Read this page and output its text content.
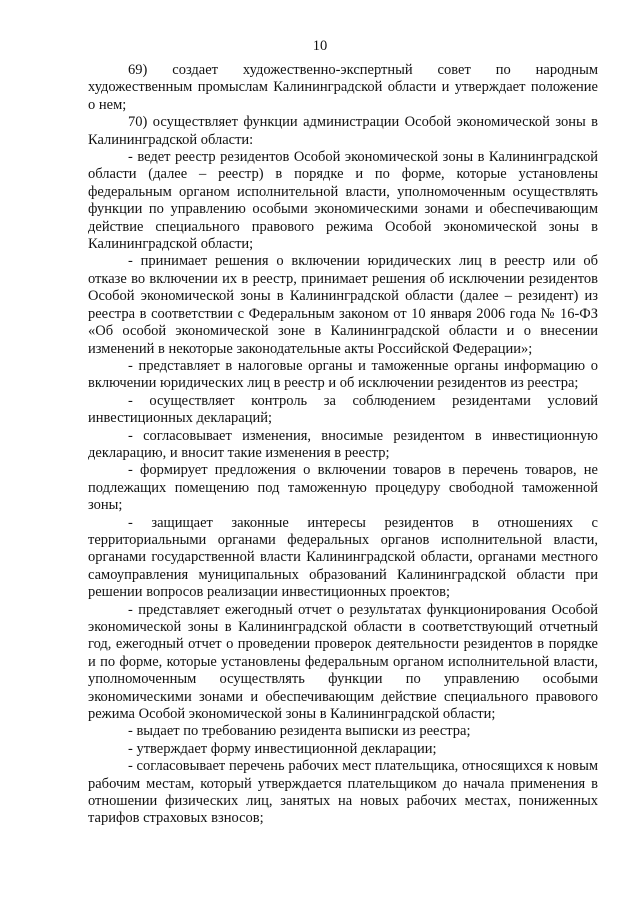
10

69) создает художественно-экспертный совет по народным художественным промыслам Калининградской области и утверждает положение о нем;

70) осуществляет функции администрации Особой экономической зоны в Калининградской области:

- ведет реестр резидентов Особой экономической зоны в Калининградской области (далее – реестр) в порядке и по форме, которые установлены федеральным органом исполнительной власти, уполномоченным осуществлять функции по управлению особыми экономическими зонами и обеспечивающим действие специального правового режима Особой экономической зоны в Калининградской области;

- принимает решения о включении юридических лиц в реестр или об отказе во включении их в реестр, принимает решения об исключении резидентов Особой экономической зоны в Калининградской области (далее – резидент) из реестра в соответствии с Федеральным законом от 10 января 2006 года № 16-ФЗ «Об особой экономической зоне в Калининградской области и о внесении изменений в некоторые законодательные акты Российской Федерации»;

- представляет в налоговые органы и таможенные органы информацию о включении юридических лиц в реестр и об исключении резидентов из реестра;

- осуществляет контроль за соблюдением резидентами условий инвестиционных деклараций;

- согласовывает изменения, вносимые резидентом в инвестиционную декларацию, и вносит такие изменения в реестр;

- формирует предложения о включении товаров в перечень товаров, не подлежащих помещению под таможенную процедуру свободной таможенной зоны;

- защищает законные интересы резидентов в отношениях с территориальными органами федеральных органов исполнительной власти, органами государственной власти Калининградской области, органами местного самоуправления муниципальных образований Калининградской области при решении вопросов реализации инвестиционных проектов;

- представляет ежегодный отчет о результатах функционирования Особой экономической зоны в Калининградской области в соответствующий отчетный год, ежегодный отчет о проведении проверок деятельности резидентов в порядке и по форме, которые установлены федеральным органом исполнительной власти, уполномоченным осуществлять функции по управлению особыми экономическими зонами и обеспечивающим действие специального правового режима Особой экономической зоны в Калининградской области;

- выдает по требованию резидента выписки из реестра;

- утверждает форму инвестиционной декларации;

- согласовывает перечень рабочих мест плательщика, относящихся к новым рабочим местам, который утверждается плательщиком до начала применения в отношении физических лиц, занятых на новых рабочих местах, пониженных тарифов страховых взносов;
